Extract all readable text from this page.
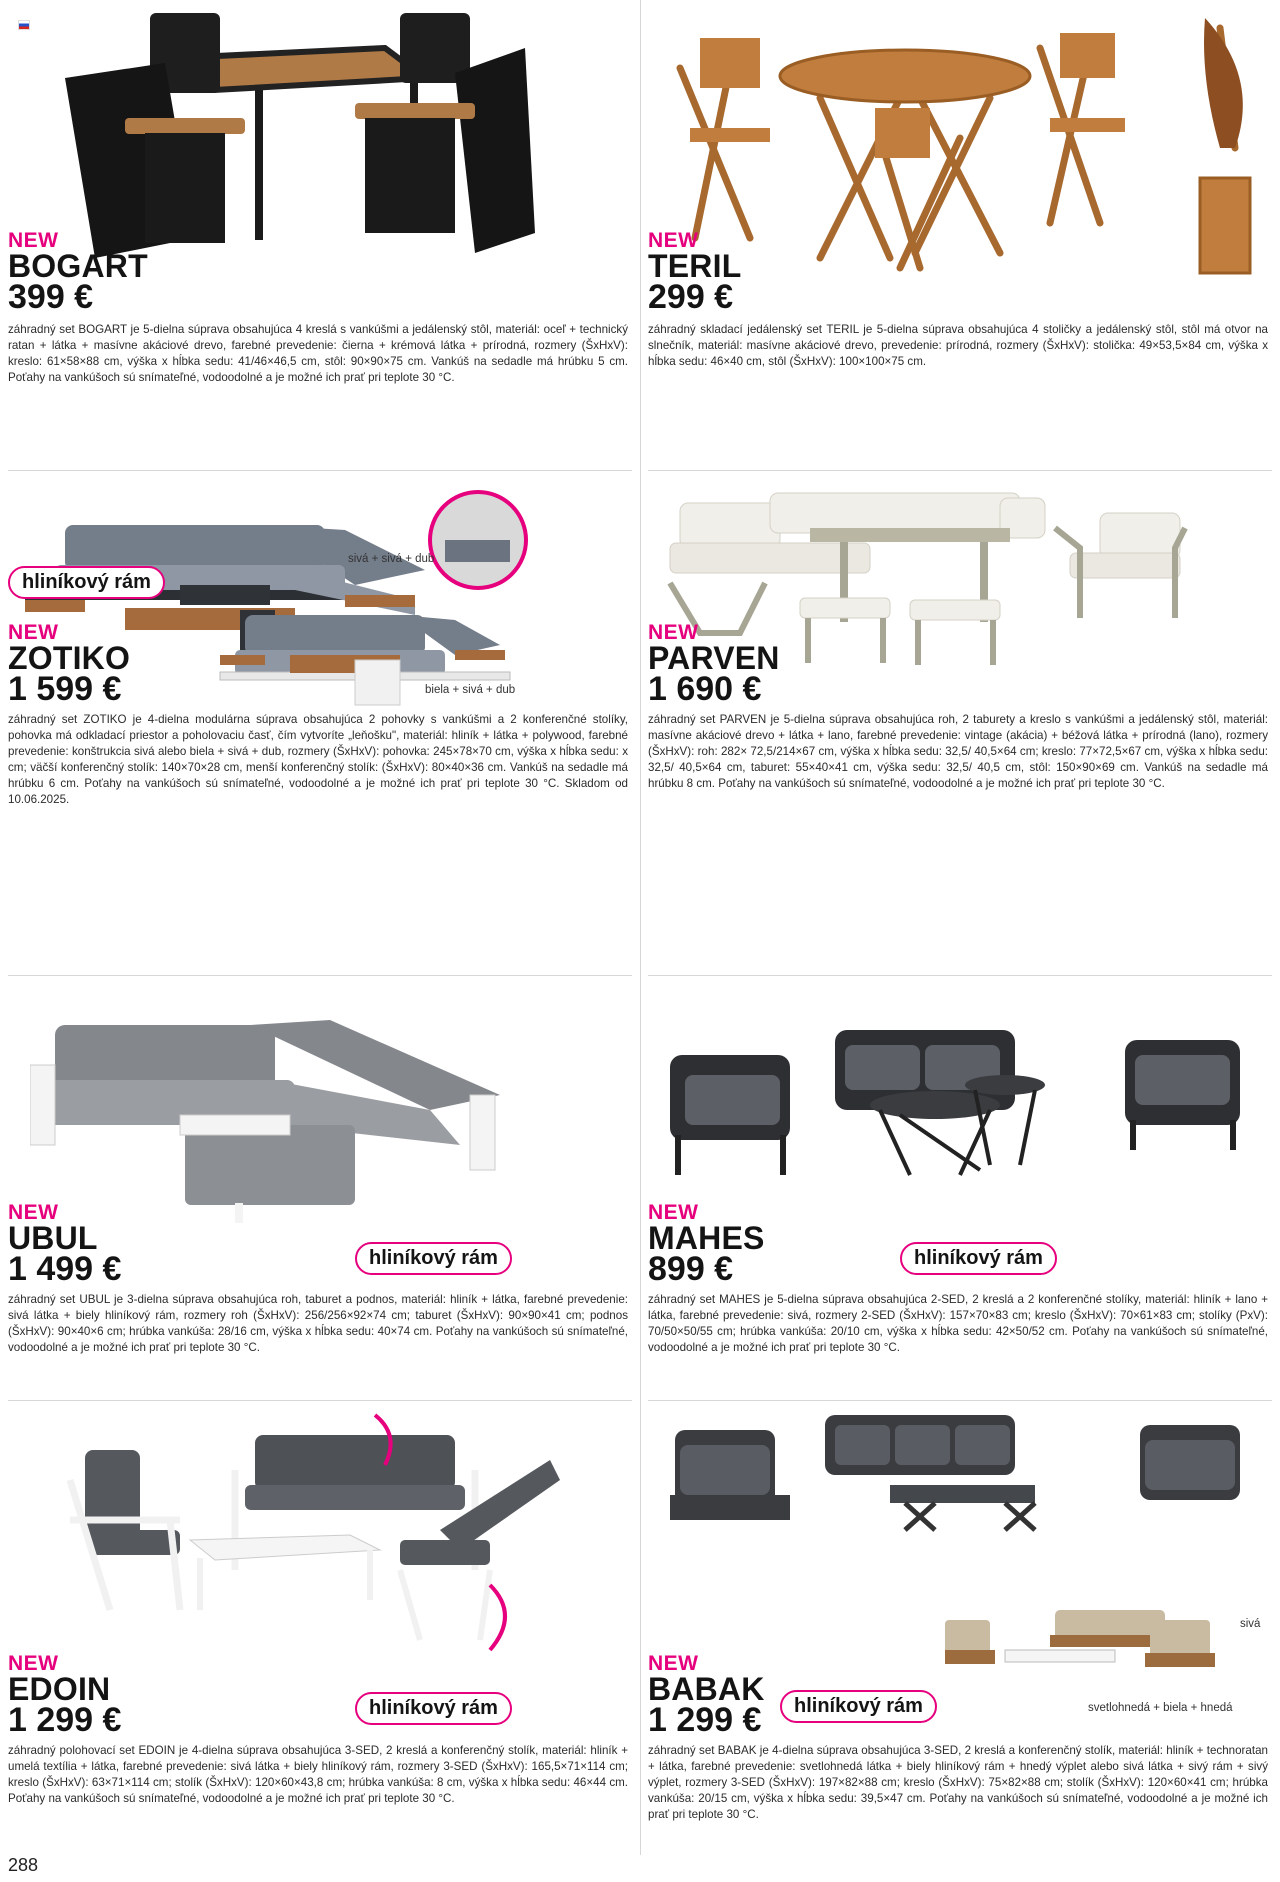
NEW
BOGART
399 €
záhradný set BOGART je 5-dielna súprava obsahujúca 4 kreslá s vankúšmi a jedálenský stôl, materiál: oceľ + technický ratan + látka + masívne akáciové drevo, farebné prevedenie: čierna + krémová látka + prírodná, rozmery (ŠxHxV): kreslo: 61×58×88 cm, výška x hĺbka sedu: 41/46×46,5 cm, stôl: 90×90×75 cm. Vankúš na sedadle má hrúbku 5 cm. Poťahy na vankúšoch sú snímateľné, vodoodolné a je možné ich prať pri teplote 30 °C.
NEW
TERIL
299 €
záhradný skladací jedálenský set TERIL je 5-dielna súprava obsahujúca 4 stoličky a jedálenský stôl, stôl má otvor na slnečník, materiál: masívne akáciové drevo, prevedenie: prírodná, rozmery (ŠxHxV): stolička: 49×53,5×84 cm, výška x hĺbka sedu: 46×40 cm, stôl (ŠxHxV): 100×100×75 cm.
sivá + sivá + dub
biela + sivá + dub
hliníkový rám
NEW
ZOTIKO
1 599 €
záhradný set ZOTIKO je 4-dielna modulárna súprava obsahujúca 2 pohovky s vankúšmi a 2 konferenčné stolíky, pohovka má odkladací priestor a poholovaciu časť, čím vytvoríte „leňošku", materiál: hliník + látka + polywood, farebné prevedenie: konštrukcia sivá alebo biela + sivá + dub, rozmery (ŠxHxV): pohovka: 245×78×70 cm, výška x hĺbka sedu: x cm; väčší konferenčný stolík: 140×70×28 cm, menší konferenčný stolík: (ŠxHxV): 80×40×36 cm. Vankúš na sedadle má hrúbku 6 cm. Poťahy na vankúšoch sú snímateľné, vodoodolné a je možné ich prať pri teplote 30 °C. Skladom od 10.06.2025.
NEW
PARVEN
1 690 €
záhradný set PARVEN je 5-dielna súprava obsahujúca roh, 2 taburety a kreslo s vankúšmi a jedálenský stôl, materiál: masívne akáciové drevo + látka + lano, farebné prevedenie: vintage (akácia) + béžová látka + prírodná (lano), rozmery (ŠxHxV): roh: 282× 72,5/214×67 cm, výška x hĺbka sedu: 32,5/ 40,5×64 cm; kreslo: 77×72,5×67 cm, výška x hĺbka sedu: 32,5/ 40,5×64 cm, taburet: 55×40×41 cm, výška sedu: 32,5/ 40,5 cm, stôl: 150×90×69 cm. Vankúš na sedadle má hrúbku 8 cm. Poťahy na vankúšoch sú snímateľné, vodoodolné a je možné ich prať pri teplote 30 °C.
hliníkový rám
NEW
UBUL
1 499 €
záhradný set UBUL je 3-dielna súprava obsahujúca roh, taburet a podnos, materiál: hliník + látka, farebné prevedenie: sivá látka + biely hliníkový rám, rozmery roh (ŠxHxV): 256/256×92×74 cm; taburet (ŠxHxV): 90×90×41 cm; podnos (ŠxHxV): 90×40×6 cm; hrúbka vankúša: 28/16 cm, výška x hĺbka sedu: 40×74 cm. Poťahy na vankúšoch sú snímateľné, vodoodolné a je možné ich prať pri teplote 30 °C.
hliníkový rám
NEW
MAHES
899 €
záhradný set MAHES je 5-dielna súprava obsahujúca 2-SED, 2 kreslá a 2 konferenčné stolíky, materiál: hliník + lano + látka, farebné prevedenie: sivá, rozmery 2-SED (ŠxHxV): 157×70×83 cm; kreslo (ŠxHxV): 70×61×83 cm; stolíky (PxV): 70/50×50/55 cm; hrúbka vankúša: 20/10 cm, výška x hĺbka sedu: 42×50/52 cm. Poťahy na vankúšoch sú snímateľné, vodoodolné a je možné ich prať pri teplote 30 °C.
hliníkový rám
NEW
EDOIN
1 299 €
záhradný polohovací set EDOIN je 4-dielna súprava obsahujúca 3-SED, 2 kreslá a konferenčný stolík, materiál: hliník + umelá textília + látka, farebné prevedenie: sivá látka + biely hliníkový rám, rozmery 3-SED (ŠxHxV): 165,5×71×114 cm; kreslo (ŠxHxV): 63×71×114 cm; stolík (ŠxHxV): 120×60×43,8 cm; hrúbka vankúša: 8 cm, výška x hĺbka sedu: 46×44 cm. Poťahy na vankúšoch sú snímateľné, vodoodolné a je možné ich prať pri teplote 30 °C.
sivá
svetlohnedá + biela + hnedá
hliníkový rám
NEW
BABAK
1 299 €
záhradný set BABAK je 4-dielna súprava obsahujúca 3-SED, 2 kreslá a konferenčný stolík, materiál: hliník + technoratan + látka, farebné prevedenie: svetlohnedá látka + biely hliníkový rám + hnedý výplet alebo sivá látka + sivý rám + sivý výplet, rozmery 3-SED (ŠxHxV): 197×82×88 cm; kreslo (ŠxHxV): 75×82×88 cm; stolík (ŠxHxV): 120×60×41 cm; hrúbka vankúša: 20/15 cm, výška x hĺbka sedu: 39,5×47 cm. Poťahy na vankúšoch sú snímateľné, vodoodolné a je možné ich prať pri teplote 30 °C.
288
